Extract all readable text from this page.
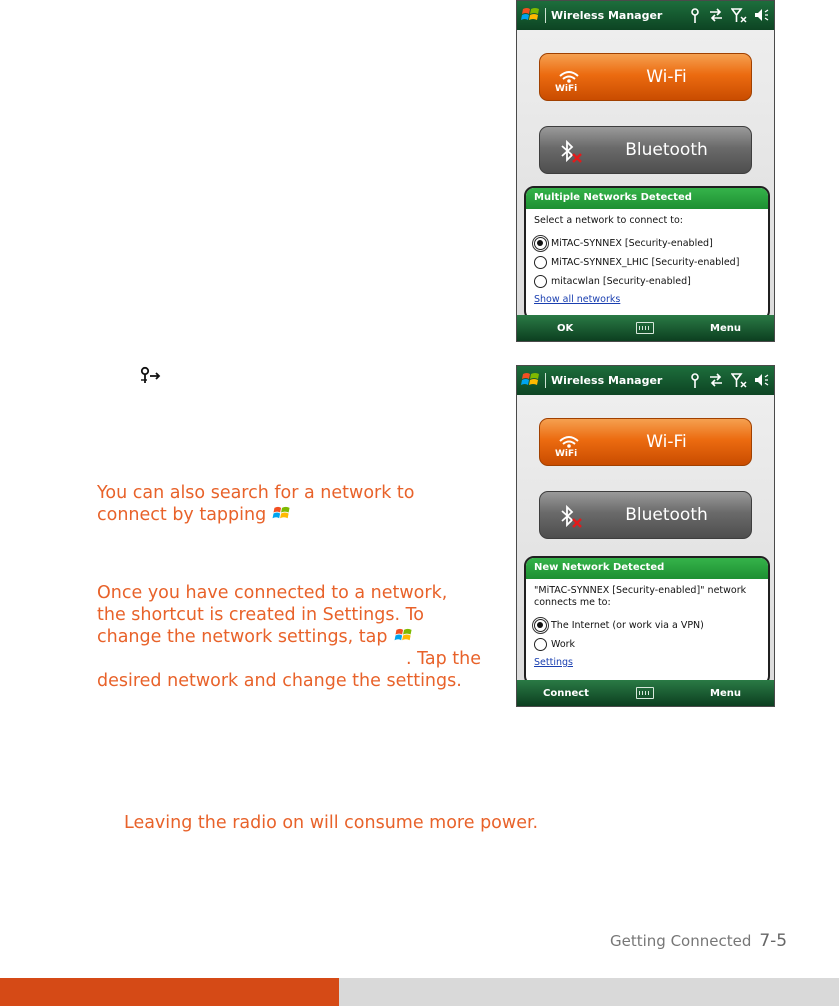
Wireless Manager
WiFi
Wi-Fi
Bluetooth
Multiple Networks Detected

Select a network to connect to:

MiTAC-SYNNEX [Security-enabled]
MiTAC-SYNNEX_LHIC [Security-enabled]
mitacwlan [Security-enabled]
Show all networks
OK	Menu
Wireless Manager
WiFi
Wi-Fi
Bluetooth
New Network Detected

"MiTAC-SYNNEX [Security-enabled]" network connects me to:

The Internet (or work via a VPN)
Work
Settings
Connect	Menu
You can also search for a network to
connect by tapping
Once you have connected to a network,
the shortcut is created in Settings. To
change the network settings, tap
. Tap the
desired network and change the settings.
Leaving the radio on will consume more power.
Getting Connected 7-5
